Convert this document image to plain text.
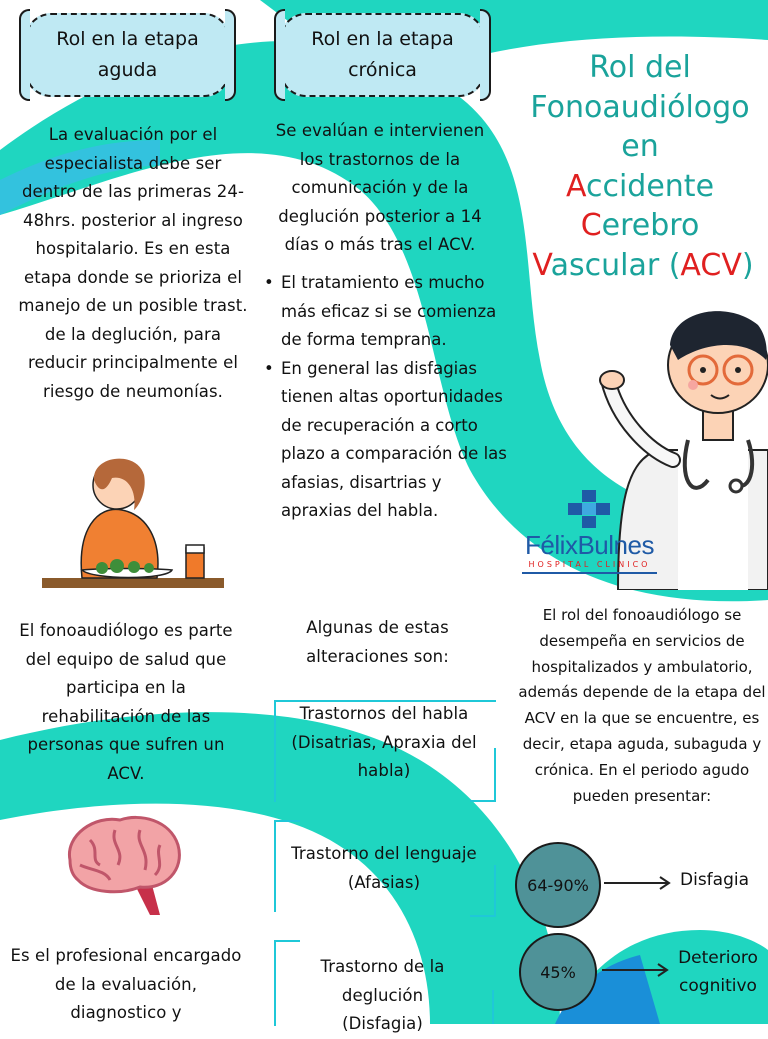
Rol en la etapa aguda
Rol en la etapa crónica
La evaluación por el especialista debe ser dentro de las primeras 24-48hrs. posterior al ingreso hospitalario. Es en esta etapa donde se prioriza el manejo de un posible trast. de la deglución, para reducir principalmente el riesgo de neumonías.
Se evalúan e intervienen los trastornos de la comunicación y de la deglución posterior a 14 días o más tras el ACV.
• El tratamiento es mucho más eficaz si se comienza de forma temprana.
• En general las disfagias tienen altas oportunidades de recuperación a corto plazo a comparación de las afasias, disartrias y apraxias del habla.
Rol del
Fonoaudiólogo
en
Accidente
Cerebro
Vascular (ACV)
FélixBulnes
HOSPITAL CLINICO
El fonoaudiólogo es parte del equipo de salud que participa en la rehabilitación de las personas que sufren un ACV.
Es el profesional encargado de la evaluación, diagnostico y
Algunas de estas alteraciones son:
Trastornos del habla
(Disatrias, Apraxia del habla)
Trastorno del lenguaje
(Afasias)
Trastorno de la deglución
(Disfagia)
El rol del fonoaudiólogo se desempeña en servicios de hospitalizados y ambulatorio, además depende de la etapa del ACV en la que se encuentre, es decir, etapa aguda, subaguda y crónica. En el periodo agudo pueden presentar:
64-90%	Disfagia
45%
Deterioro cognitivo
